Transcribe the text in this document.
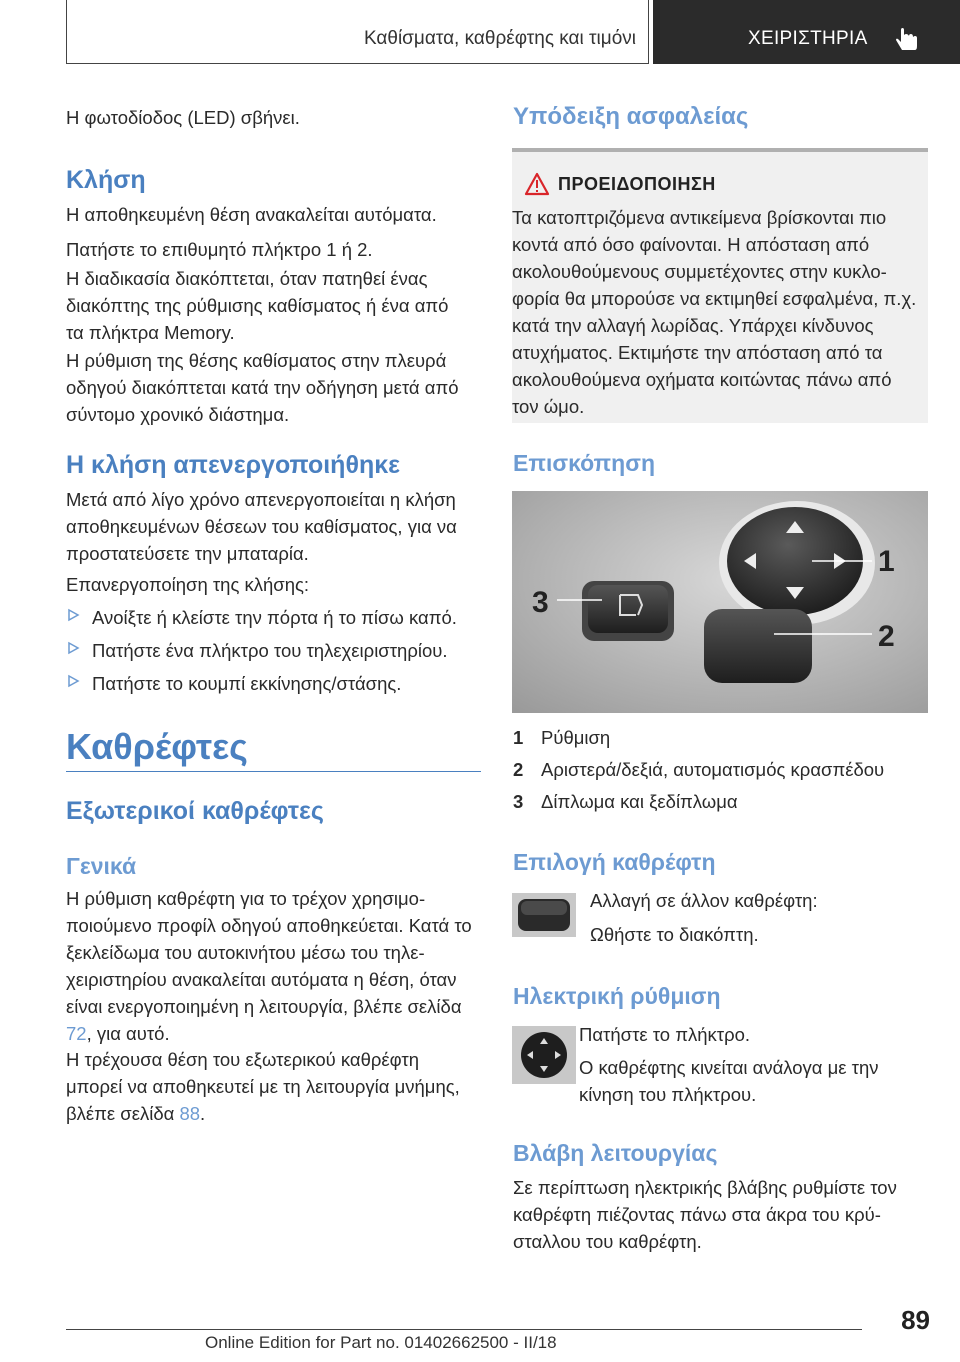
Καθίσματα, καθρέφτης και τιμόνι	ΧΕΙΡΙΣΤΗΡΙΑ

Η φωτοδίοδος (LED) σβήνει.

Κλήση

Η αποθηκευμένη θέση ανακαλείται αυτόματα.

Πατήστε το επιθυμητό πλήκτρο 1 ή 2.

Η διαδικασία διακόπτεται, όταν πατηθεί ένας διακόπτης της ρύθμισης καθίσματος ή ένα από τα πλήκτρα Memory.

Η ρύθμιση της θέσης καθίσματος στην πλευρά οδηγού διακόπτεται κατά την οδήγηση μετά από σύντομο χρονικό διάστημα.

Η κλήση απενεργοποιήθηκε

Μετά από λίγο χρόνο απενεργοποιείται η κλήση αποθηκευμένων θέσεων του καθίσματος, για να προστατεύσετε την μπαταρία.

Επανεργοποίηση της κλήσης:

Ανοίξτε ή κλείστε την πόρτα ή το πίσω καπό.
Πατήστε ένα πλήκτρο του τηλεχειριστηρίου.
Πατήστε το κουμπί εκκίνησης/στάσης.
Καθρέφτες
Εξωτερικοί καθρέφτες
Γενικά

Η ρύθμιση καθρέφτη για το τρέχον χρησιμοποιούμενο προφίλ οδηγού αποθηκεύεται. Κατά το ξεκλείδωμα του αυτοκινήτου μέσω του τηλεχειριστηρίου ανακαλείται αυτόματα η θέση, όταν είναι ενεργοποιημένη η λειτουργία, βλέπε σελίδα 72, για αυτό.

Η τρέχουσα θέση του εξωτερικού καθρέφτη μπορεί να αποθηκευτεί με τη λειτουργία μνήμης, βλέπε σελίδα 88.

Υπόδειξη ασφαλείας
ΠΡΟΕΙΔΟΠΟΙΗΣΗ

Τα κατοπτριζόμενα αντικείμενα βρίσκονται πιο κοντά από όσο φαίνονται. Η απόσταση από ακολουθούμενους συμμετέχοντες στην κυκλοφορία θα μπορούσε να εκτιμηθεί εσφαλμένα, π.χ. κατά την αλλαγή λωρίδας. Υπάρχει κίνδυνος ατυχήματος. Εκτιμήστε την απόσταση από τα ακολουθούμενα οχήματα κοιτώντας πάνω από τον ώμο.

Επισκόπηση
1
2
3
1 Ρύθμιση
2 Αριστερά/δεξιά, αυτοματισμός κρασπέδου
3 Δίπλωμα και ξεδίπλωμα
Επιλογή καθρέφτη

Αλλαγή σε άλλον καθρέφτη:

Ωθήστε το διακόπτη.

Ηλεκτρική ρύθμιση

Πατήστε το πλήκτρο.

Ο καθρέφτης κινείται ανάλογα με την κίνηση του πλήκτρου.

Βλάβη λειτουργίας

Σε περίπτωση ηλεκτρικής βλάβης ρυθμίστε τον καθρέφτη πιέζοντας πάνω στα άκρα του κρύσταλλου του καθρέφτη.

89
Online Edition for Part no. 01402662500 - II/18
